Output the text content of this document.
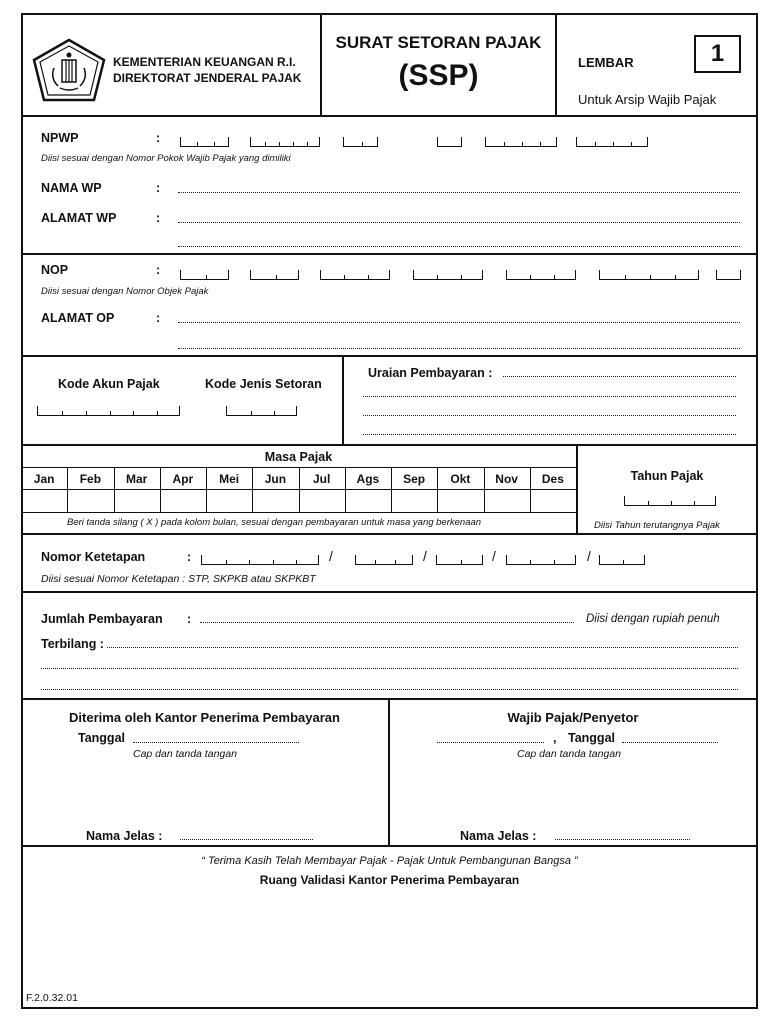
KEMENTERIAN KEUANGAN R.I.
DIREKTORAT JENDERAL PAJAK
SURAT SETORAN PAJAK
(SSP)	LEMBAR	1
Untuk Arsip Wajib Pajak
NPWP	:
Diisi sesuai dengan Nomor Pokok Wajib Pajak yang dimiliki
NAMA WP	:
ALAMAT WP	:
NOP	:
Diisi sesuai dengan Nomor Objek Pajak
ALAMAT OP	:
Kode Akun Pajak	Kode Jenis Setoran
Uraian Pembayaran :
Masa Pajak
Jan	Feb	Mar	Apr	Mei	Jun	Jul	Ags	Sep	Okt	Nov	Des
Beri tanda silang ( X ) pada kolom bulan, sesuai dengan pembayaran untuk masa yang berkenaan
Tahun Pajak
Diisi Tahun terutangnya Pajak
Nomor Ketetapan	:	/	/	/	/
Diisi sesuai Nomor Ketetapan : STP, SKPKB atau SKPKBT
Jumlah Pembayaran :	Diisi dengan rupiah penuh
Terbilang :
Diterima oleh Kantor Penerima Pembayaran
Tanggal
Cap dan tanda tangan
Nama Jelas :
Wajib Pajak/Penyetor
, Tanggal
Cap dan tanda tangan
Nama Jelas :
“ Terima Kasih Telah Membayar Pajak - Pajak Untuk Pembangunan Bangsa ”
Ruang Validasi Kantor Penerima Pembayaran
F.2.0.32.01
